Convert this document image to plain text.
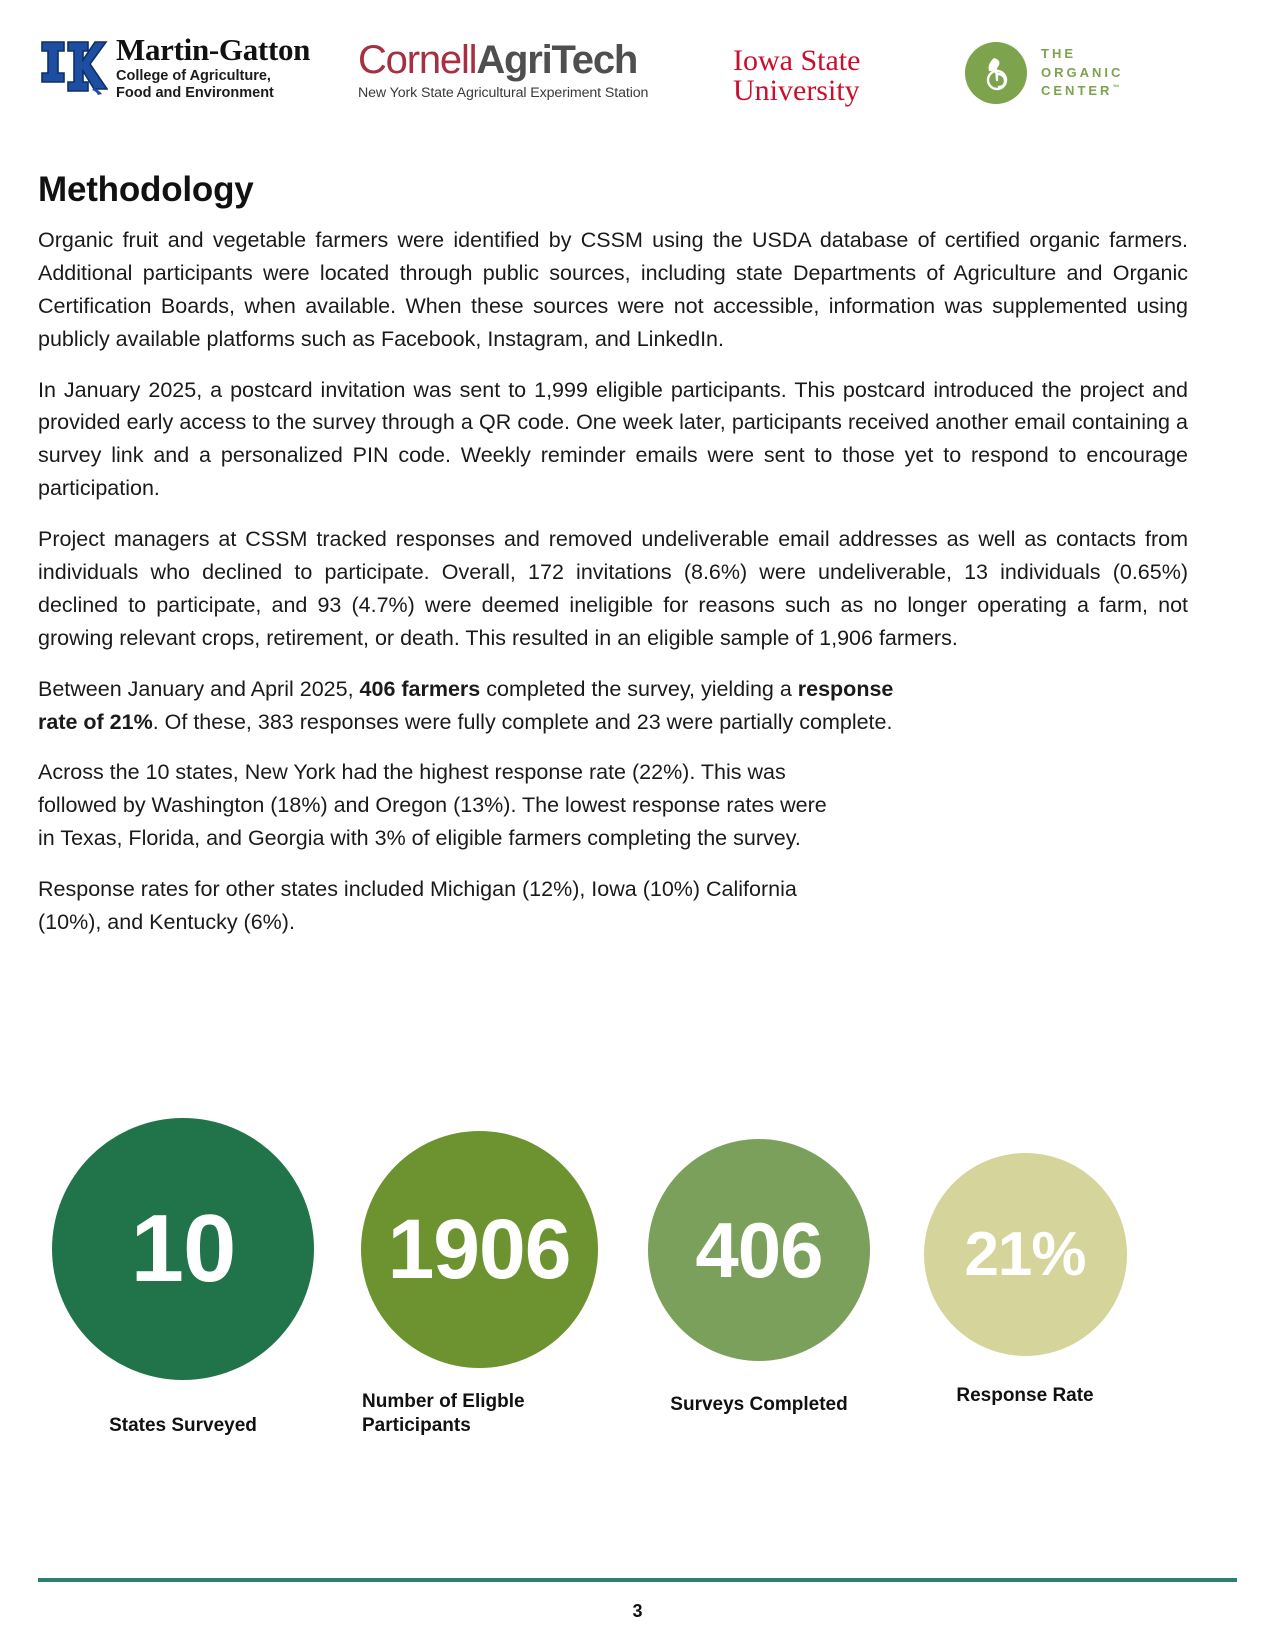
Martin-Gatton
College of Agriculture,
Food and Environment
Cornell AgriTech
New York State Agricultural Experiment Station
Iowa State
University
THE
ORGANIC
CENTER™
Methodology

Organic fruit and vegetable farmers were identified by CSSM using the USDA database of certified organic farmers. Additional participants were located through public sources, including state Departments of Agriculture and Organic Certification Boards, when available. When these sources were not accessible, information was supplemented using publicly available platforms such as Facebook, Instagram, and LinkedIn.

In January 2025, a postcard invitation was sent to 1,999 eligible participants. This postcard introduced the project and provided early access to the survey through a QR code. One week later, participants received another email containing a survey link and a personalized PIN code. Weekly reminder emails were sent to those yet to respond to encourage participation.

Project managers at CSSM tracked responses and removed undeliverable email addresses as well as contacts from individuals who declined to participate. Overall, 172 invitations (8.6%) were undeliverable, 13 individuals (0.65%) declined to participate, and 93 (4.7%) were deemed ineligible for reasons such as no longer operating a farm, not growing relevant crops, retirement, or death. This resulted in an eligible sample of 1,906 farmers.

Between January and April 2025, 406 farmers completed the survey, yielding a response rate of 21%. Of these, 383 responses were fully complete and 23 were partially complete.

Across the 10 states, New York had the highest response rate (22%). This was followed by Washington (18%) and Oregon (13%). The lowest response rates were in Texas, Florida, and Georgia with 3% of eligible farmers completing the survey.

Response rates for other states included Michigan (12%), Iowa (10%) California (10%), and Kentucky (6%).

10
States Surveyed
1906
Number of Eligble
Participants
406
Surveys Completed
21%
Response Rate
3
